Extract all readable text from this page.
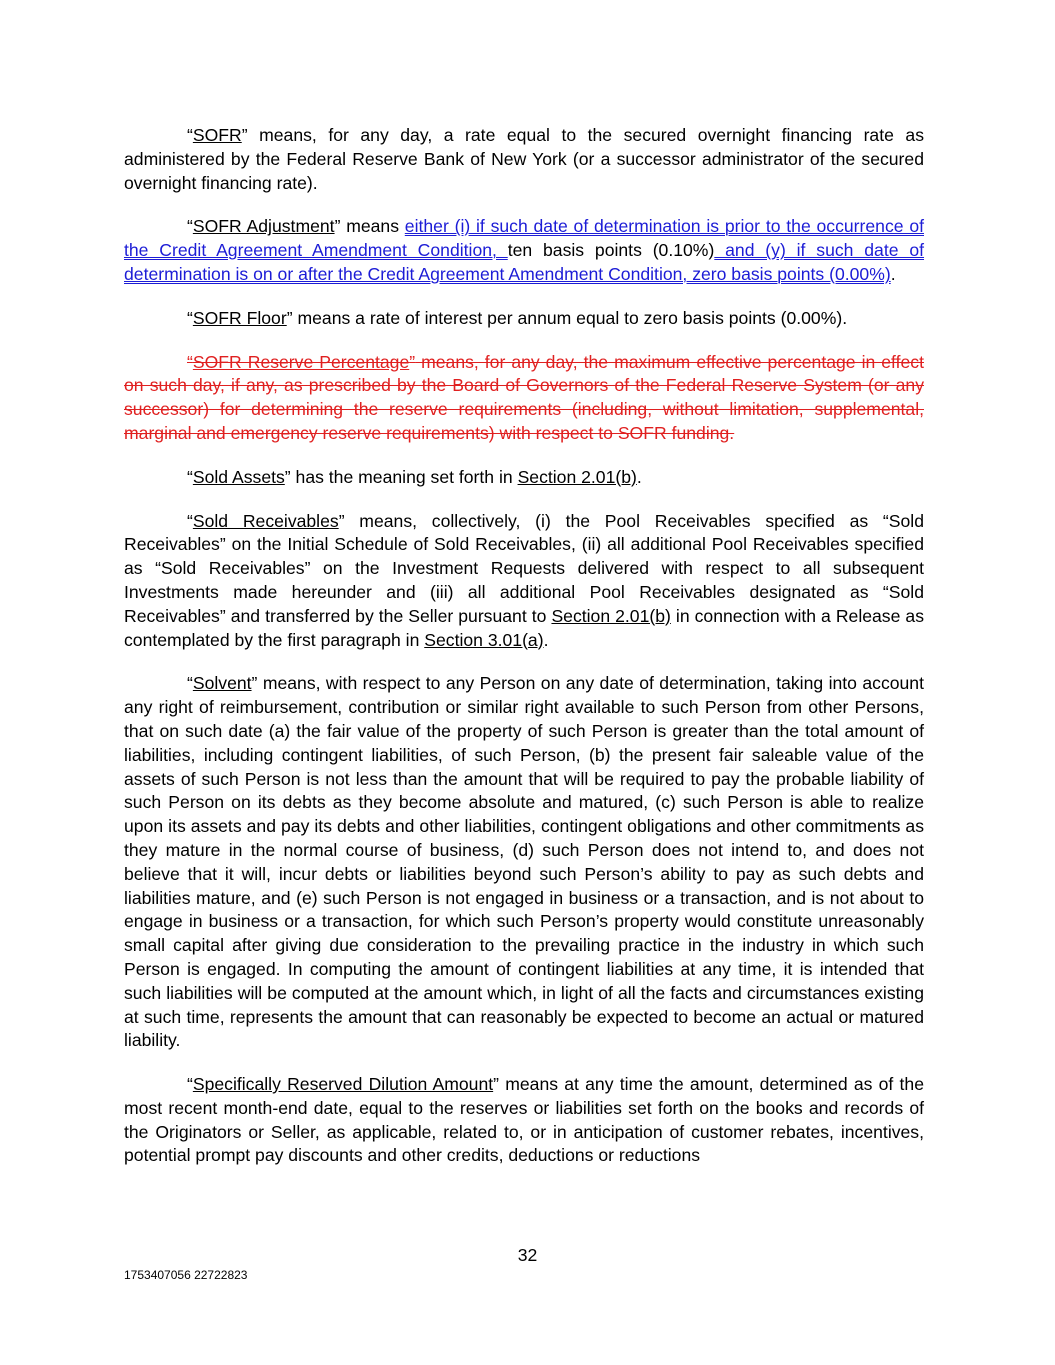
“SOFR” means, for any day, a rate equal to the secured overnight financing rate as administered by the Federal Reserve Bank of New York (or a successor administrator of the secured overnight financing rate).

“SOFR Adjustment” means either (i) if such date of determination is prior to the occurrence of the Credit Agreement Amendment Condition, ten basis points (0.10%) and (y) if such date of determination is on or after the Credit Agreement Amendment Condition, zero basis points (0.00%).

“SOFR Floor” means a rate of interest per annum equal to zero basis points (0.00%).

“SOFR Reserve Percentage” means, for any day, the maximum effective percentage in effect on such day, if any, as prescribed by the Board of Governors of the Federal Reserve System (or any successor) for determining the reserve requirements (including, without limitation, supplemental, marginal and emergency reserve requirements) with respect to SOFR funding.

“Sold Assets” has the meaning set forth in Section 2.01(b).

“Sold Receivables” means, collectively, (i) the Pool Receivables specified as “Sold Receivables” on the Initial Schedule of Sold Receivables, (ii) all additional Pool Receivables specified as “Sold Receivables” on the Investment Requests delivered with respect to all subsequent Investments made hereunder and (iii) all additional Pool Receivables designated as “Sold Receivables” and transferred by the Seller pursuant to Section 2.01(b) in connection with a Release as contemplated by the first paragraph in Section 3.01(a).

“Solvent” means, with respect to any Person on any date of determination, taking into account any right of reimbursement, contribution or similar right available to such Person from other Persons, that on such date (a) the fair value of the property of such Person is greater than the total amount of liabilities, including contingent liabilities, of such Person, (b) the present fair saleable value of the assets of such Person is not less than the amount that will be required to pay the probable liability of such Person on its debts as they become absolute and matured, (c) such Person is able to realize upon its assets and pay its debts and other liabilities, contingent obligations and other commitments as they mature in the normal course of business, (d) such Person does not intend to, and does not believe that it will, incur debts or liabilities beyond such Person’s ability to pay as such debts and liabilities mature, and (e) such Person is not engaged in business or a transaction, and is not about to engage in business or a transaction, for which such Person’s property would constitute unreasonably small capital after giving due consideration to the prevailing practice in the industry in which such Person is engaged. In computing the amount of contingent liabilities at any time, it is intended that such liabilities will be computed at the amount which, in light of all the facts and circumstances existing at such time, represents the amount that can reasonably be expected to become an actual or matured liability.

“Specifically Reserved Dilution Amount” means at any time the amount, determined as of the most recent month-end date, equal to the reserves or liabilities set forth on the books and records of the Originators or Seller, as applicable, related to, or in anticipation of customer rebates, incentives, potential prompt pay discounts and other credits, deductions or reductions

32
1753407056 22722823
